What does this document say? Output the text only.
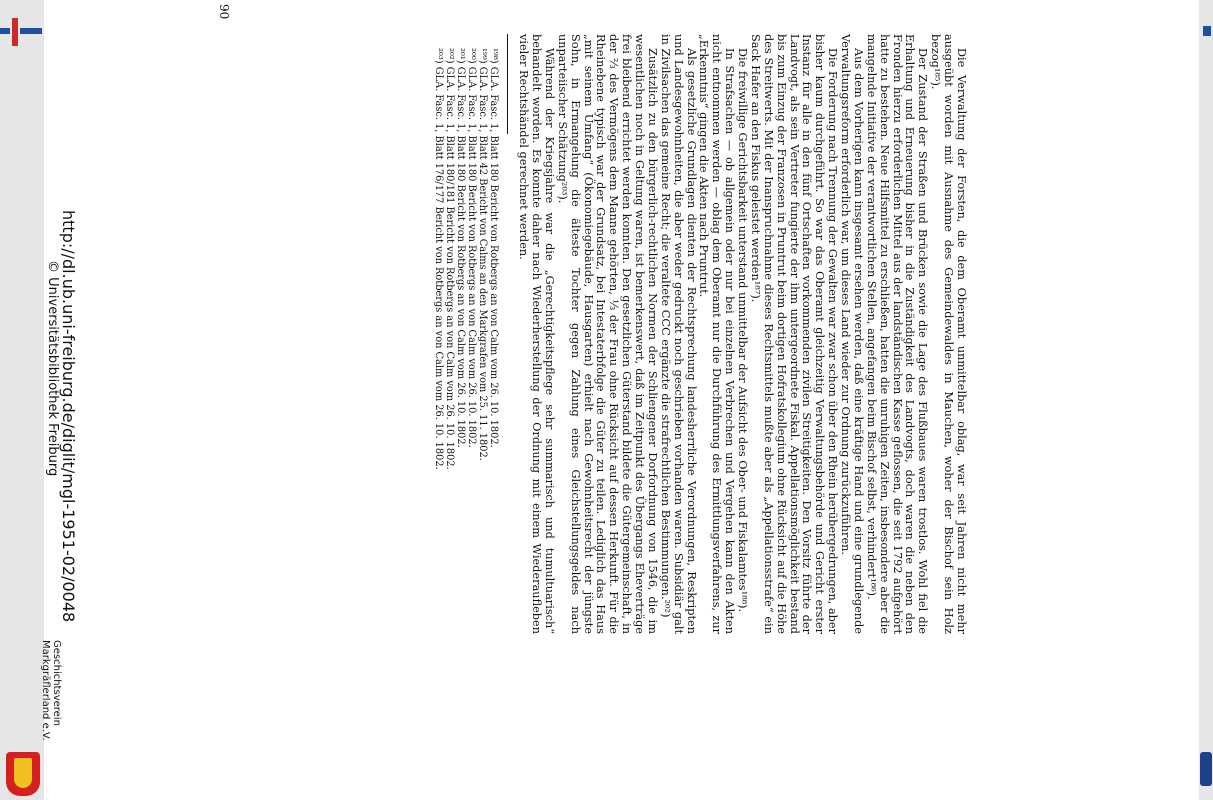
Die Verwaltung der Forsten, die dem Oberamt unmittelbar oblag, war seit Jahren nicht mehr ausgeübt worden mit Ausnahme des Gemeindewaldes in Mauchen, woher der Bischof sein Holz bezog¹⁸⁵).

Der Zustand der Straßen und Brücken sowie die Lage des Flußbaues waren trostlos. Wohl fiel die Erhaltung und Erneuerung bisher in die Zuständigkeit des Landvogts, doch waren die neben den Fronden hierzu erforderlichen Mittel aus der landständischen Kasse geflossen, die seit 1792 aufgehört hatte zu bestehen. Neue Hilfsmittel zu erschließen, hatten die unruhigen Zeiten, insbesondere aber die mangelnde Initiative der verantwortlichen Stellen, angefangen beim Bischof selbst, verhindert¹⁸⁶).

Aus dem Vorherigen kann insgesamt ersehen werden, daß eine kräftige Hand und eine grundlegende Verwaltungsreform erforderlich war, um dieses Land wieder zur Ordnung zurückzuführen.

Die Forderung nach Trennung der Gewalten war zwar schon über den Rhein herübergedrungen, aber bisher kaum durchgeführt. So war das Oberamt gleichzeitig Verwaltungsbehörde und Gericht erster Instanz für alle in den fünf Ortschaften vorkommenden zivilen Streitigkeiten. Den Vorsitz führte der Landvogt, als sein Vertreter fungierte der ihm untergeordnete Fiskal. Appellationsmöglichkeit bestand bis zum Einzug der Franzosen in Pruntrut beim dortigen Hofratskollegium ohne Rücksicht auf die Höhe des Streitwerts. Mit der Inanspruchnahme dieses Rechtsmittels mußte aber als „Appellationsstrafe“ ein Sack Hafer an den Fiskus geleistet werden¹⁸⁷).

Die freiwillige Gerichtsbarkeit unterstand unmittelbar der Aufsicht des Ober- und Fiskalamtes¹⁸⁸).

In Strafsachen — ob allgemein oder nur bei einzelnen Verbrechen und Vergehen kann den Akten nicht entnommen werden — oblag dem Oberamt nur die Durchführung des Ermittlungsverfahrens, zur „Erkenntnis“ gingen die Akten nach Pruntrut.

Als gesetzliche Grundlagen dienten der Rechtsprechung landesherrliche Verordnungen, Reskripten und Landesgewohnheiten, die aber weder gedruckt noch geschrieben vorhanden waren. Subsidiär galt in Zivilsachen das gemeine Recht; die veraltete CCC ergänzte die strafrechtlichen Bestimmungen.²⁰²)

Zusätzlich zu den bürgerlich-rechtlichen Normen der Schliengener Dorfordnung von 1546, die im wesentlichen noch in Geltung waren, ist bemerkenswert, daß im Zeitpunkt des Übergangs Eheverträge frei bleibend errichtet werden konnten. Den gesetzlichen Güterstand bildete die Gütergemeinschaft, in der ⅔ des Vermögens dem Manne gehörten, ⅓ der Frau ohne Rücksicht auf dessen Herkunft. Für die Rheinebene typisch war der Grundsatz, bei Intestaterbfolge die Güter zu teilen. Lediglich das Haus „mit seinem Umfang“ (Ökonomiegebäude, Hausgarten) erhielt nach Gewohnheitsrecht der jüngste Sohn, in Ermangelung die älteste Tochter gegen Zahlung eines Gleichstellungsgeldes nach unparteiischer Schätzung²⁰³).

Während der Kriegsjahre war die „Gerechtigkeitspflege sehr summarisch und tumultuarisch“ behandelt worden. Es konnte daher nach Wiederherstellung der Ordnung mit einem Wiederaufleben vieler Rechtshändel gerechnet werden.

¹⁹⁸) GLA. Fasc. 1, Blatt 180 Bericht von Rotbergs an von Calm vom 26. 10. 1802.

¹⁹⁹) GLA. Fasc. 1, Blatt 42 Bericht von Calms an den Markgrafen vom 25. 11. 1802.

²⁰⁰) GLA. Fasc. 1, Blatt 180 Bericht von Rotbergs an von Calm vom 26. 10. 1802.

²⁰¹) GLA. Fasc. 1, Blatt 180 Bericht von Rotbergs an von Calm vom 26. 10. 1802.

²⁰²) GLA. Fasc. 1, Blatt 180/181 Bericht von Rotbergs an von Calm vom 26. 10. 1802.

²⁰³) GLA. Fasc. 1, Blatt 176/177 Bericht von Rotbergs an von Calm vom 26. 10. 1802.

90
http://dl.ub.uni-freiburg.de/diglit/mgl-1951-02/0048
© Universitätsbibliothek Freiburg
Geschichtsverein Markgräflerland e.V.
